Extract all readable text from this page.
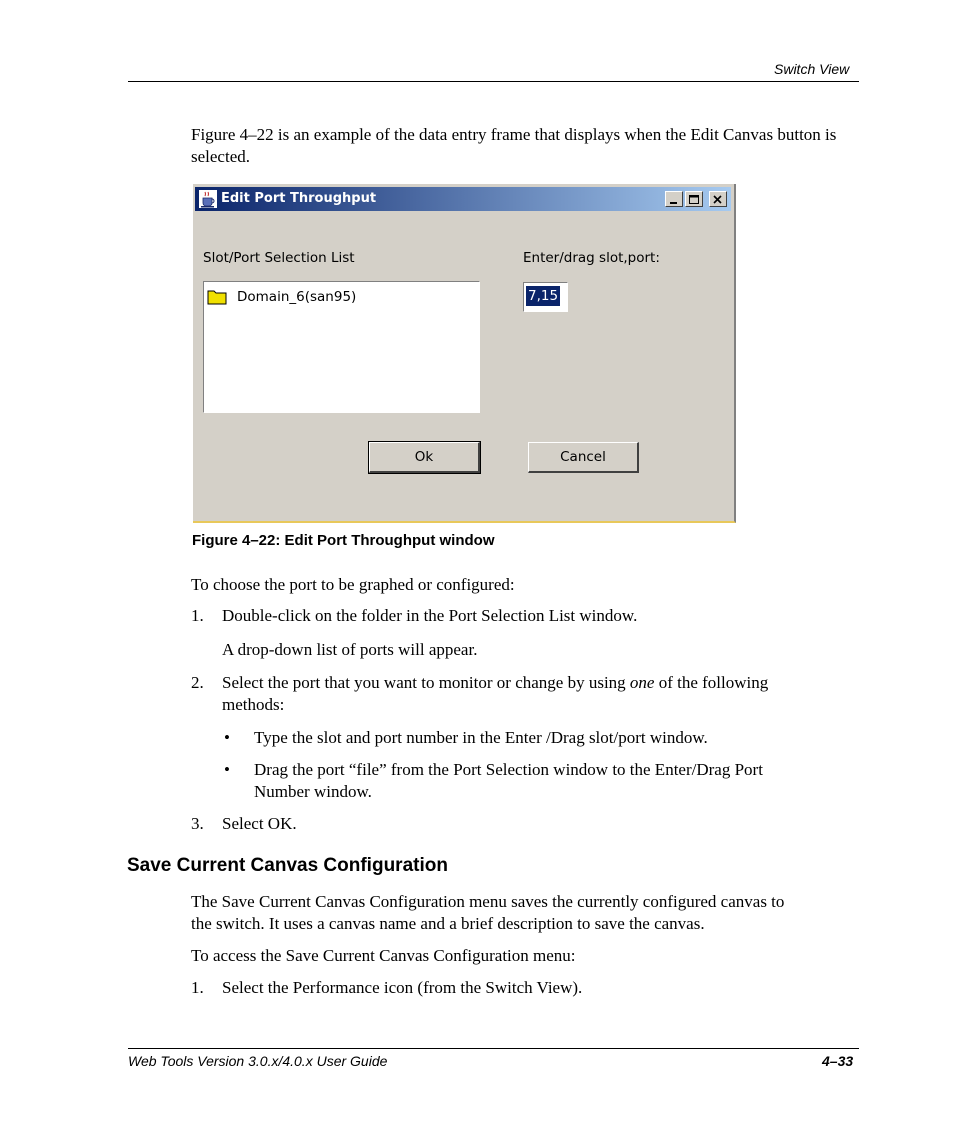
Switch View
Figure 4–22 is an example of the data entry frame that displays when the Edit Canvas button is selected.
Edit Port Throughput
Slot/Port Selection List	Enter/drag slot,port:
Domain_6(san95)	7,15
Ok	Cancel
Figure 4–22: Edit Port Throughput window
To choose the port to be graphed or configured:
1. Double-click on the folder in the Port Selection List window.
A drop-down list of ports will appear.
2. Select the port that you want to monitor or change by using one of the following
methods:
• Type the slot and port number in the Enter /Drag slot/port window.
• Drag the port “file” from the Port Selection window to the Enter/Drag Port
Number window.
3. Select OK.
Save Current Canvas Configuration
The Save Current Canvas Configuration menu saves the currently configured canvas to
the switch. It uses a canvas name and a brief description to save the canvas.
To access the Save Current Canvas Configuration menu:
1. Select the Performance icon (from the Switch View).
Web Tools Version 3.0.x/4.0.x User Guide	4–33
